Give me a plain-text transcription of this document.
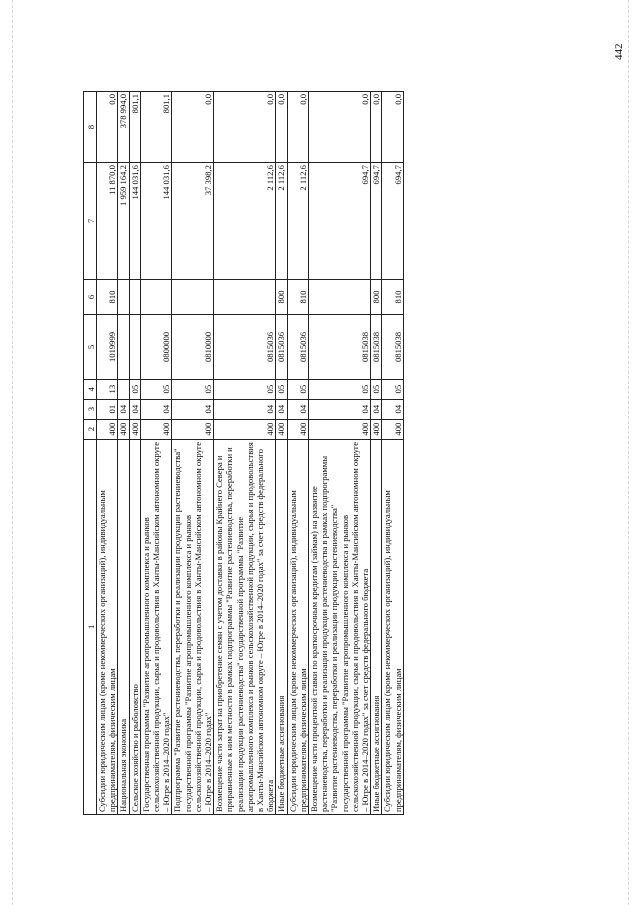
442
1	2	3	4	5	6	7	8
Субсидии юридическим лицам (кроме некоммерческих организаций), индивидуальным предпринимателям, физическим лицам	400	01	13	1019999	810	11 870,0	0,0
Национальная экономика	400	04				1 959 164,2	378 994,0
Сельское хозяйство и рыболовство	400	04	05			144 031,6	801,1
Государственная программа "Развитие агропромышленного комплекса и рынков сельскохозяйственной продукции, сырья и продовольствия в Ханты-Мансийском автономном округе – Югре в 2014–2020 годах"	400	04	05	0800000		144 031,6	801,1
Подпрограмма "Развитие растениеводства, переработки и реализации продукции растениеводства" государственной программы "Развитие агропромышленного комплекса и рынков сельскохозяйственной продукции, сырья и продовольствия в Ханты-Мансийском автономном округе – Югре в 2014–2020 годах"	400	04	05	0810000		37 398,2	0,0
Возмещение части затрат на приобретение семян с учетом доставки в районы Крайнего Севера и приравненные к ним местности в рамках подпрограммы "Развитие растениеводства, переработки и реализации продукции растениеводства" государственной программы "Развитие агропромышленного комплекса и рынков сельскохозяйственной продукции, сырья и продовольствия в Ханты-Мансийском автономном округе – Югре в 2014–2020 годах" за счет средств федерального бюджета	400	04	05	0815036		2 112,6	0,0
Иные бюджетные ассигнования	400	04	05	0815036	800	2 112,6	0,0
Субсидии юридическим лицам (кроме некоммерческих организаций), индивидуальным предпринимателям, физическим лицам	400	04	05	0815036	810	2 112,6	0,0
Возмещение части процентной ставки по краткосрочным кредитам (займам) на развитие растениеводства, переработки и реализации продукции растениеводства в рамках подпрограммы "Развитие растениеводства, переработки и реализации продукции растениеводства" государственной программы "Развитие агропромышленного комплекса и рынков сельскохозяйственной продукции, сырья и продовольствия в Ханты-Мансийском автономном округе – Югре в 2014–2020 годах" за счет средств федерального бюджета	400	04	05	0815038		694,7	0,0
Иные бюджетные ассигнования	400	04	05	0815038	800	694,7	0,0
Субсидии юридическим лицам (кроме некоммерческих организаций), индивидуальным предпринимателям, физическим лицам	400	04	05	0815038	810	694,7	0,0
